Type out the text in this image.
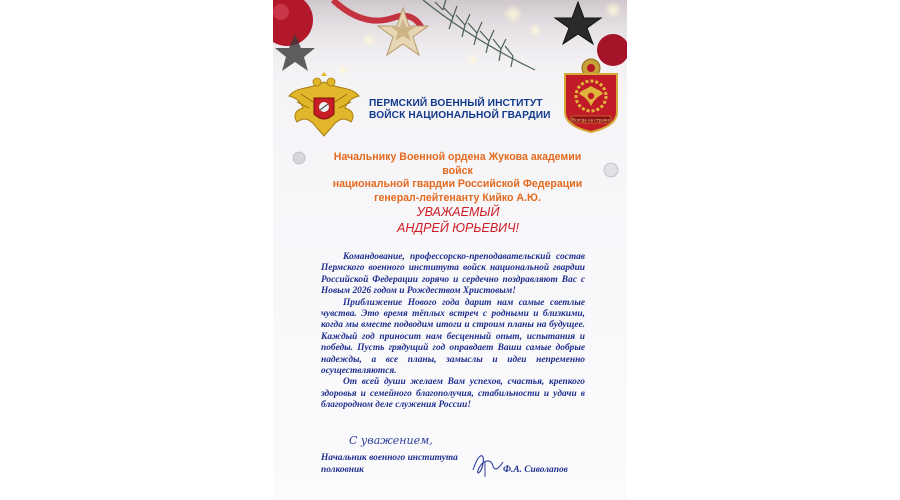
ПЕРМСКИЙ ВОЕННЫЙ ИНСТИТУТ
ВОЙСК НАЦИОНАЛЬНОЙ ГВАРДИИ	Всегда на страже
Начальнику Военной ордена Жукова академии войск
национальной гвардии Российской Федерации
генерал-лейтенанту Кийко А.Ю.
УВАЖАЕМЫЙ
АНДРЕЙ ЮРЬЕВИЧ!

Командование, профессорско-преподавательский состав Пермского военного института войск национальной гвардии Российской Федерации горячо и сердечно поздравляют Вас с Новым 2026 годом и Рождеством Христовым!

Приближение Нового года дарит нам самые светлые чувства. Это время тёплых встреч с родными и близкими, когда мы вместе подводим итоги и строим планы на будущее. Каждый год приносит нам бесценный опыт, испытания и победы. Пусть грядущий год оправдает Ваши самые добрые надежды, а все планы, замыслы и идеи непременно осуществляются.

От всей души желаем Вам успехов, счастья, крепкого здоровья и семейного благополучия, стабильности и удачи в благородном деле служения России!

С уважением,
Начальник военного института
полковник	Ф.А. Сиволапов
